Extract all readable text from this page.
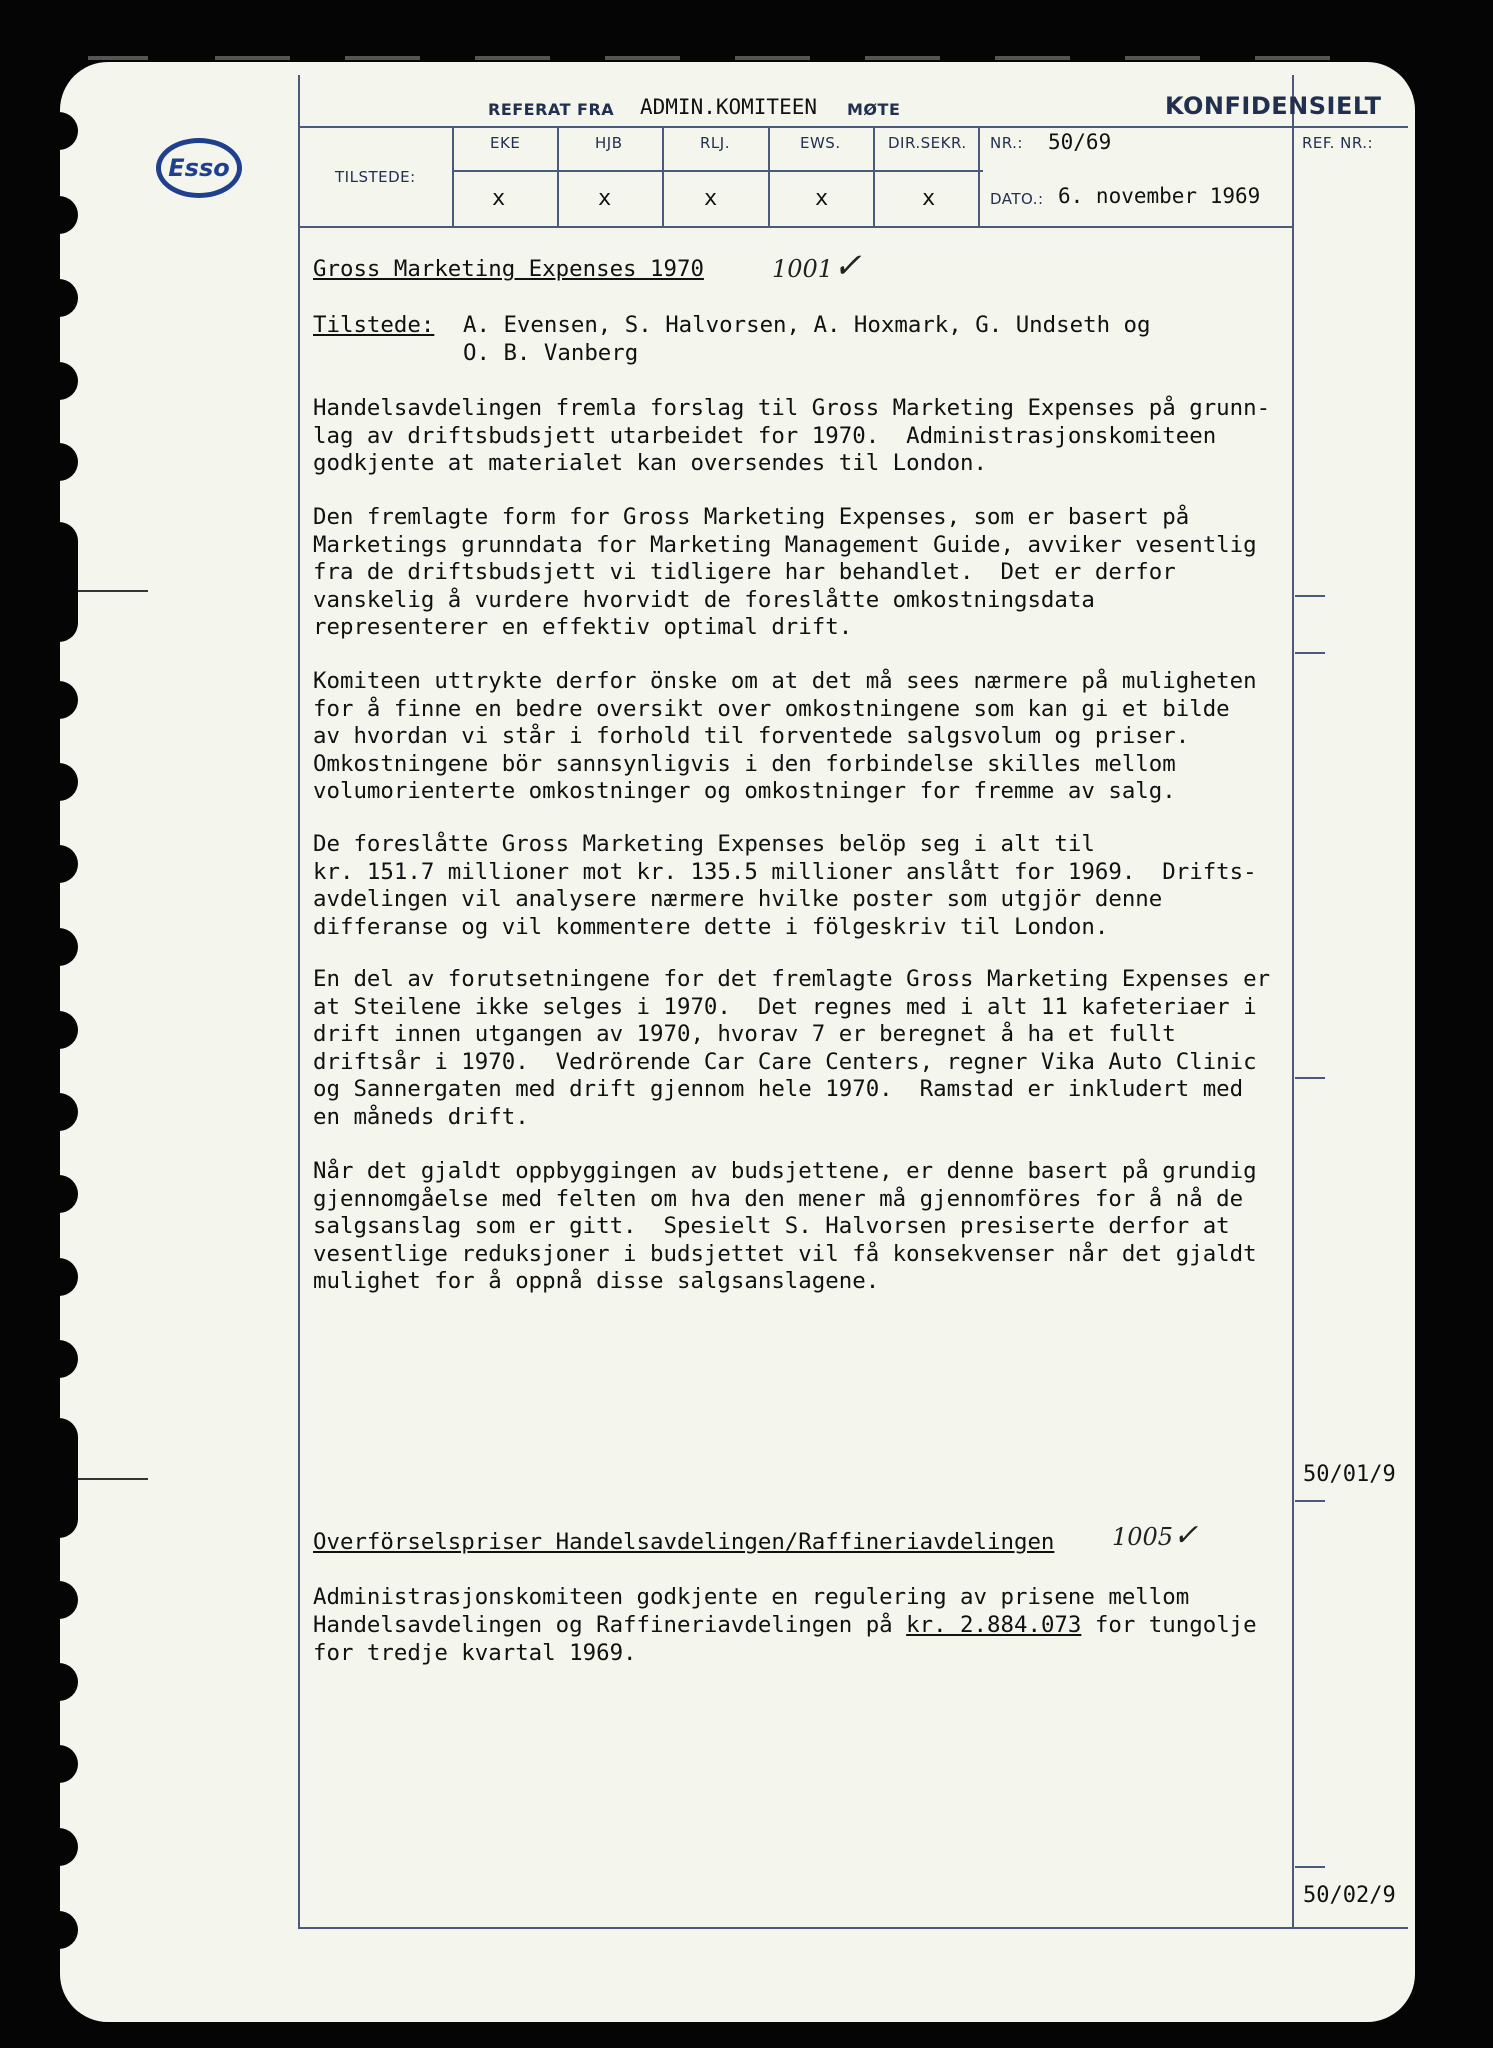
Esso
REFERAT FRA ADMIN.KOMITEEN MØTE	KONFIDENSIELT
TILSTEDE:
EKE	HJB	RLJ.	EWS.	DIR.SEKR.
x	x	x	x	x
NR.: 50/69
DATO.: 6. november 1969
REF. NR.:
Gross Marketing Expenses 1970	1001✓
Tilstede:	A. Evensen, S. Halvorsen, A. Hoxmark, G. Undseth og
O. B. Vanberg
Handelsavdelingen fremla forslag til Gross Marketing Expenses på grunn-
lag av driftsbudsjett utarbeidet for 1970.  Administrasjonskomiteen
godkjente at materialet kan oversendes til London.
Den fremlagte form for Gross Marketing Expenses, som er basert på
Marketings grunndata for Marketing Management Guide, avviker vesentlig
fra de driftsbudsjett vi tidligere har behandlet.  Det er derfor
vanskelig å vurdere hvorvidt de foreslåtte omkostningsdata
representerer en effektiv optimal drift.
Komiteen uttrykte derfor önske om at det må sees nærmere på muligheten
for å finne en bedre oversikt over omkostningene som kan gi et bilde
av hvordan vi står i forhold til forventede salgsvolum og priser.
Omkostningene bör sannsynligvis i den forbindelse skilles mellom
volumorienterte omkostninger og omkostninger for fremme av salg.
De foreslåtte Gross Marketing Expenses belöp seg i alt til
kr. 151.7 millioner mot kr. 135.5 millioner anslått for 1969.  Drifts-
avdelingen vil analysere nærmere hvilke poster som utgjör denne
differanse og vil kommentere dette i fölgeskriv til London.
En del av forutsetningene for det fremlagte Gross Marketing Expenses er
at Steilene ikke selges i 1970.  Det regnes med i alt 11 kafeteriaer i
drift innen utgangen av 1970, hvorav 7 er beregnet å ha et fullt
driftsår i 1970.  Vedrörende Car Care Centers, regner Vika Auto Clinic
og Sannergaten med drift gjennom hele 1970.  Ramstad er inkludert med
en måneds drift.
Når det gjaldt oppbyggingen av budsjettene, er denne basert på grundig
gjennomgåelse med felten om hva den mener må gjennomföres for å nå de
salgsanslag som er gitt.  Spesielt S. Halvorsen presiserte derfor at
vesentlige reduksjoner i budsjettet vil få konsekvenser når det gjaldt
mulighet for å oppnå disse salgsanslagene.
50/01/9
Overförselspriser Handelsavdelingen/Raffineriavdelingen	1005✓
Administrasjonskomiteen godkjente en regulering av prisene mellom
Handelsavdelingen og Raffineriavdelingen på kr. 2.884.073 for tungolje
for tredje kvartal 1969.
50/02/9
